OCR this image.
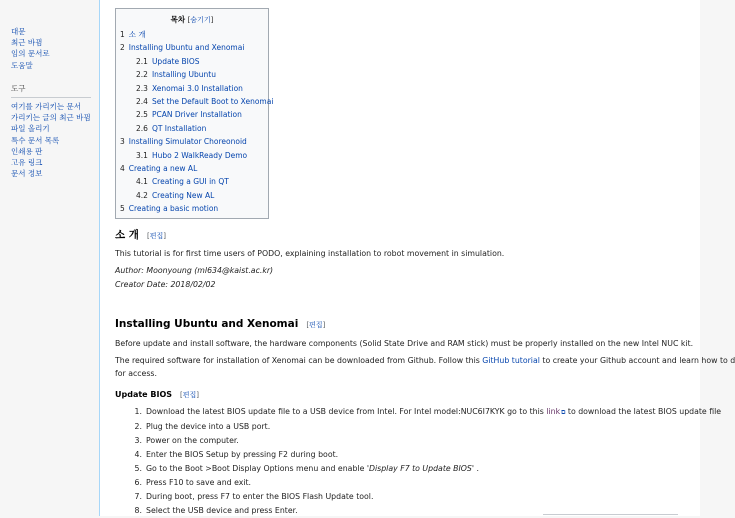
대문
최근 바뀜
임의 문서로
도움말
도구
여기를 가리키는 문서
가리키는 글의 최근 바뀜
파일 올리기
특수 문서 목록
인쇄용 판
고유 링크
문서 정보
목차 [숨기기]
1 소 개
2 Installing Ubuntu and Xenomai
2.1 Update BIOS
2.2 Installing Ubuntu
2.3 Xenomai 3.0 Installation
2.4 Set the Default Boot to Xenomai
2.5 PCAN Driver Installation
2.6 QT Installation
3 Installing Simulator Choreonoid
3.1 Hubo 2 WalkReady Demo
4 Creating a new AL
4.1 Creating a GUI in QT
4.2 Creating New AL
5 Creating a basic motion
소 개 [편집]
This tutorial is for first time users of PODO, explaining installation to robot movement in simulation.
Author: Moonyoung (ml634@kaist.ac.kr)
Creator Date: 2018/02/02
Installing Ubuntu and Xenomai [편집]
Before update and install software, the hardware components (Solid State Drive and RAM stick) must be properly installed on the new Intel NUC kit.
The required software for installation of Xenomai can be downloaded from Github. Follow this GitHub tutorial to create your Github account and learn how to d
for access.
Update BIOS [편집]
1. Download the latest BIOS update file to a USB device from Intel. For Intel model:NUC6I7KYK go to this link⧉ to download the latest BIOS update file
2. Plug the device into a USB port.
3. Power on the computer.
4. Enter the BIOS Setup by pressing F2 during boot.
5. Go to the Boot >Boot Display Options menu and enable 'Display F7 to Update BIOS' .
6. Press F10 to save and exit.
7. During boot, press F7 to enter the BIOS Flash Update tool.
8. Select the USB device and press Enter.
